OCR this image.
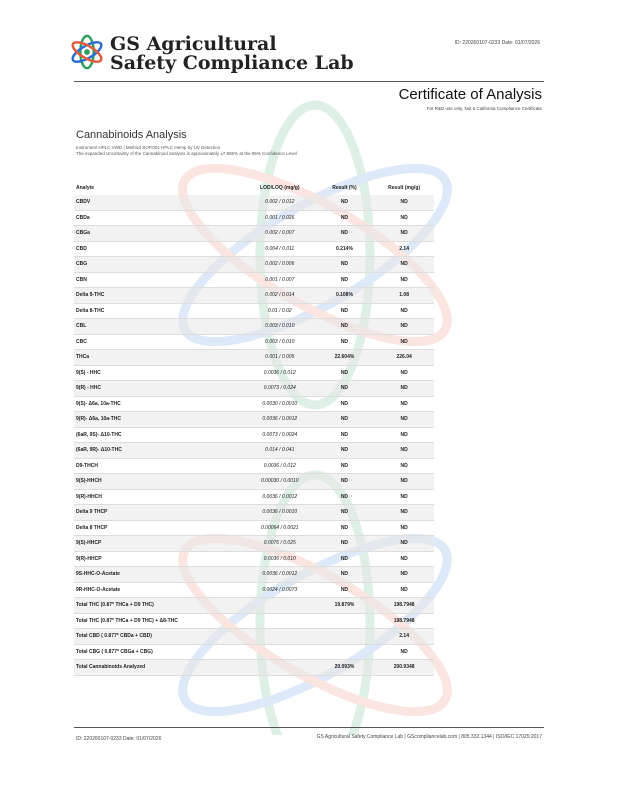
GS Agricultural
Safety Compliance Lab
ID: 220260107-0233 Date: 01/07/2026
Certificate of Analysis
For R&D use only, Not a California Compliance Certificate
Cannabinoids Analysis
Instrument HPLC VWD | Method SOP.001 HPLC Hemp by UV Detection
The expanded Uncertainty of the Cannabinoid analysis is approximately ±7.806% at the 95% Confidence Level
Analyte	LOD/LOQ (mg/g)	Result (%)	Result (mg/g)
CBDV	0.002 / 0.012	ND	ND
CBDa	0.001 / 0.026	ND	ND
CBGa	0.002 / 0.007	ND	ND
CBD	0.004 / 0.011	0.214%	2.14
CBG	0.002 / 0.006	ND	ND
CBN	0.001 / 0.007	ND	ND
Delta 9-THC	0.002 / 0.014	0.108%	1.08
Delta 8-THC	0.01 / 0.02	ND	ND
CBL	0.003 / 0.010	ND	ND
CBC	0.003 / 0.010	ND	ND
THCa	0.001 / 0.005	22.604%	226.04
9(S) - HHC	0.0036 / 0.012	ND	ND
9(R) - HHC	0.0073 / 0.024	ND	ND
9(S)- Δ6a, 10a-THC	0.0030 / 0.0010	ND	ND
9(R)- Δ6a, 10a-THC	0.0036 / 0.0012	ND	ND
(6aR, 9S)- Δ10-THC	0.0073 / 0.0024	ND	ND
(6aR, 9R)- Δ10-THC	0.014 / 0.041	ND	ND
D9-THCH	0.0036 / 0.012	ND	ND
9(S)-HHCH	0.00030 / 0.0010	ND	ND
9(R)-HHCH	0.0036 / 0.0012	ND	ND
Delta 9 THCP	0.0036 / 0.0010	ND	ND
Delta 8 THCP	0.00064 / 0.0021	ND	ND
9(S)-HHCP	0.0076 / 0.025	ND	ND
9(R)-HHCP	0.0036 / 0.010	ND	ND
9S-HHC-O-Acetate	0.0036 / 0.0012	ND	ND
9R-HHC-O-Acetate	0.0024 / 0.0073	ND	ND
Total THC (0.87* THCa + D9 THC)		19.879%	198.7948
Total THC (0.87* THCa + D9 THC) + Δ8-THC			198.7948
Total CBD ( 0.877* CBDa + CBD)			2.14
Total CBG ( 0.877* CBGa + CBG)			ND
Total Cannabinoids Analyzed		20.093%	200.9348
ID: 220260107-0233 Date: 01/07/2026	GS Agricultural Safety Compliance Lab | GScompliancelab.com | 805.332.1344 | ISO/IEC 17025:2017
